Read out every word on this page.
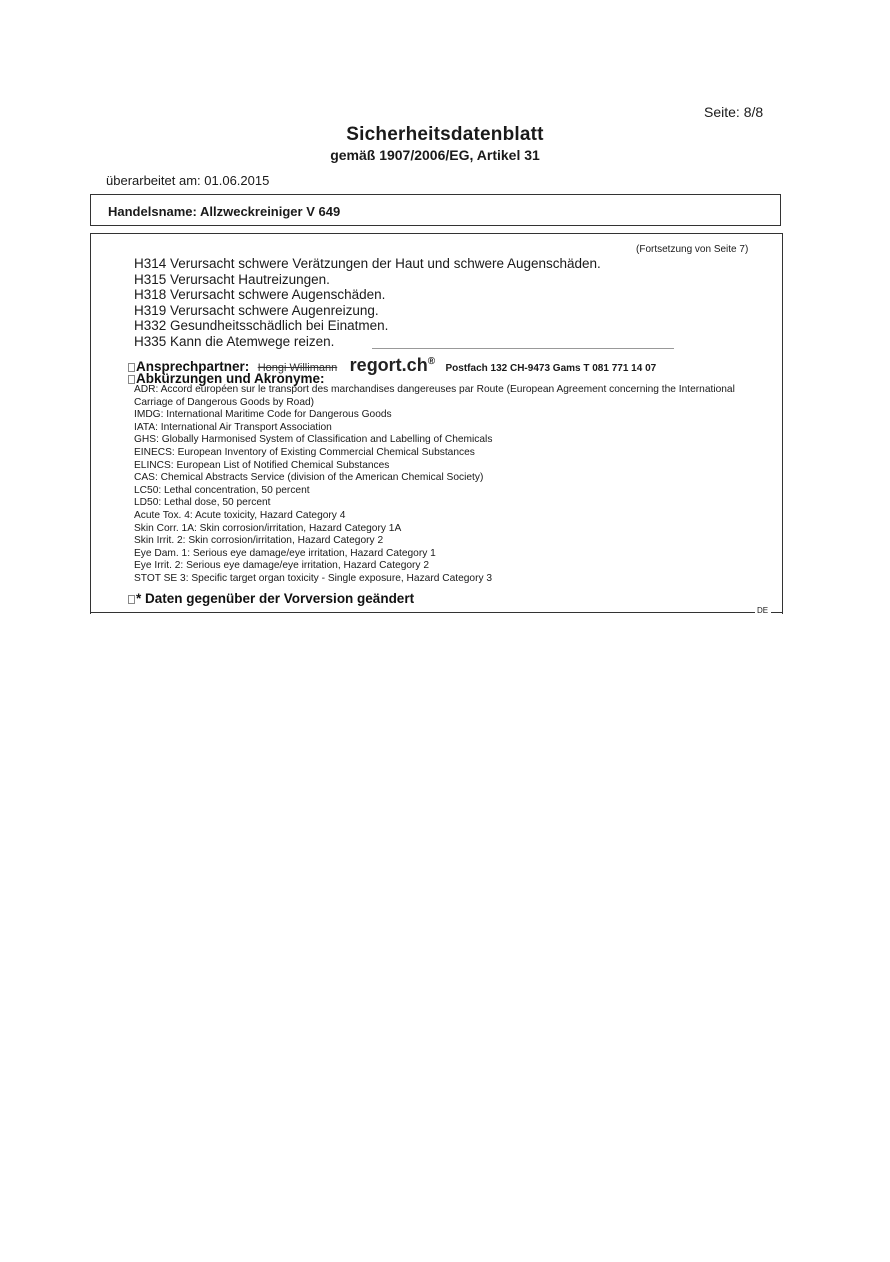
Seite: 8/8
Sicherheitsdatenblatt
gemäß 1907/2006/EG, Artikel 31
überarbeitet am: 01.06.2015
Handelsname: Allzweckreiniger V 649
(Fortsetzung von Seite 7)
H314 Verursacht schwere Verätzungen der Haut und schwere Augenschäden.
H315 Verursacht Hautreizungen.
H318 Verursacht schwere Augenschäden.
H319 Verursacht schwere Augenreizung.
H332 Gesundheitsschädlich bei Einatmen.
H335 Kann die Atemwege reizen.
Ansprechpartner: Hongi Willimann regort.ch® Postfach 132 CH-9473 Gams T 081 771 14 07
Abkürzungen und Akronyme:
ADR: Accord européen sur le transport des marchandises dangereuses par Route (European Agreement concerning the International Carriage of Dangerous Goods by Road)
IMDG: International Maritime Code for Dangerous Goods
IATA: International Air Transport Association
GHS: Globally Harmonised System of Classification and Labelling of Chemicals
EINECS: European Inventory of Existing Commercial Chemical Substances
ELINCS: European List of Notified Chemical Substances
CAS: Chemical Abstracts Service (division of the American Chemical Society)
LC50: Lethal concentration, 50 percent
LD50: Lethal dose, 50 percent
Acute Tox. 4: Acute toxicity, Hazard Category 4
Skin Corr. 1A: Skin corrosion/irritation, Hazard Category 1A
Skin Irrit. 2: Skin corrosion/irritation, Hazard Category 2
Eye Dam. 1: Serious eye damage/eye irritation, Hazard Category 1
Eye Irrit. 2: Serious eye damage/eye irritation, Hazard Category 2
STOT SE 3: Specific target organ toxicity - Single exposure, Hazard Category 3
* Daten gegenüber der Vorversion geändert
DE
